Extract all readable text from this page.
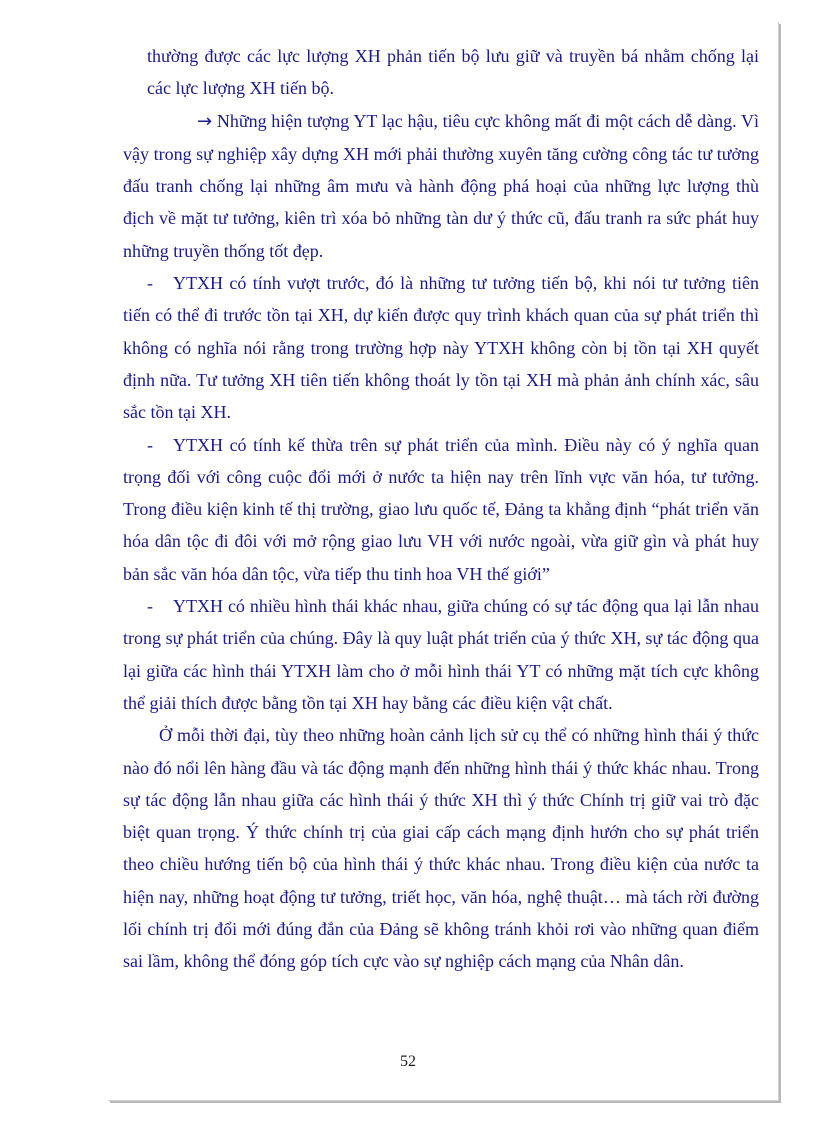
thường được các lực lượng XH phản tiến bộ lưu giữ và truyền bá nhằm chống lại các lực lượng XH tiến bộ.

→ Những hiện tượng YT lạc hậu, tiêu cực không mất đi một cách dễ dàng. Vì vậy trong sự nghiệp xây dựng XH mới phải thường xuyên tăng cường công tác tư tưởng đấu tranh chống lại những âm mưu và hành động phá hoại của những lực lượng thù địch về mặt tư tưởng, kiên trì xóa bỏ những tàn dư ý thức cũ, đấu tranh ra sức phát huy những truyền thống tốt đẹp.

- YTXH có tính vượt trước, đó là những tư tưởng tiến bộ, khi nói tư tưởng tiên tiến có thể đi trước tồn tại XH, dự kiến được quy trình khách quan của sự phát triển thì không có nghĩa nói rằng trong trường hợp này YTXH không còn bị tồn tại XH quyết định nữa. Tư tưởng XH tiên tiến không thoát ly tồn tại XH mà phản ảnh chính xác, sâu sắc tồn tại XH.

- YTXH có tính kế thừa trên sự phát triển của mình. Điều này có ý nghĩa quan trọng đối với công cuộc đổi mới ở nước ta hiện nay trên lĩnh vực văn hóa, tư tưởng. Trong điều kiện kinh tế thị trường, giao lưu quốc tế, Đảng ta khẳng định “phát triển văn hóa dân tộc đi đôi với mở rộng giao lưu VH với nước ngoài, vừa giữ gìn và phát huy bản sắc văn hóa dân tộc, vừa tiếp thu tinh hoa VH thế giới”

- YTXH có nhiều hình thái khác nhau, giữa chúng có sự tác động qua lại lẫn nhau trong sự phát triển của chúng. Đây là quy luật phát triển của ý thức XH, sự tác động qua lại giữa các hình thái YTXH làm cho ở mỗi hình thái YT có những mặt tích cực không thể giải thích được bằng tồn tại XH hay bằng các điều kiện vật chất.

Ở mỗi thời đại, tùy theo những hoàn cảnh lịch sử cụ thể có những hình thái ý thức nào đó nổi lên hàng đầu và tác động mạnh đến những hình thái ý thức khác nhau. Trong sự tác động lẫn nhau giữa các hình thái ý thức XH thì ý thức Chính trị giữ vai trò đặc biệt quan trọng. Ý thức chính trị của giai cấp cách mạng định hướn cho sự phát triển theo chiều hướng tiến bộ của hình thái ý thức khác nhau. Trong điều kiện của nước ta hiện nay, những hoạt động tư tưởng, triết học, văn hóa, nghệ thuật… mà tách rời đường lối chính trị đổi mới đúng đắn của Đảng sẽ không tránh khỏi rơi vào những quan điểm sai lầm, không thể đóng góp tích cực vào sự nghiệp cách mạng của Nhân dân.

52
